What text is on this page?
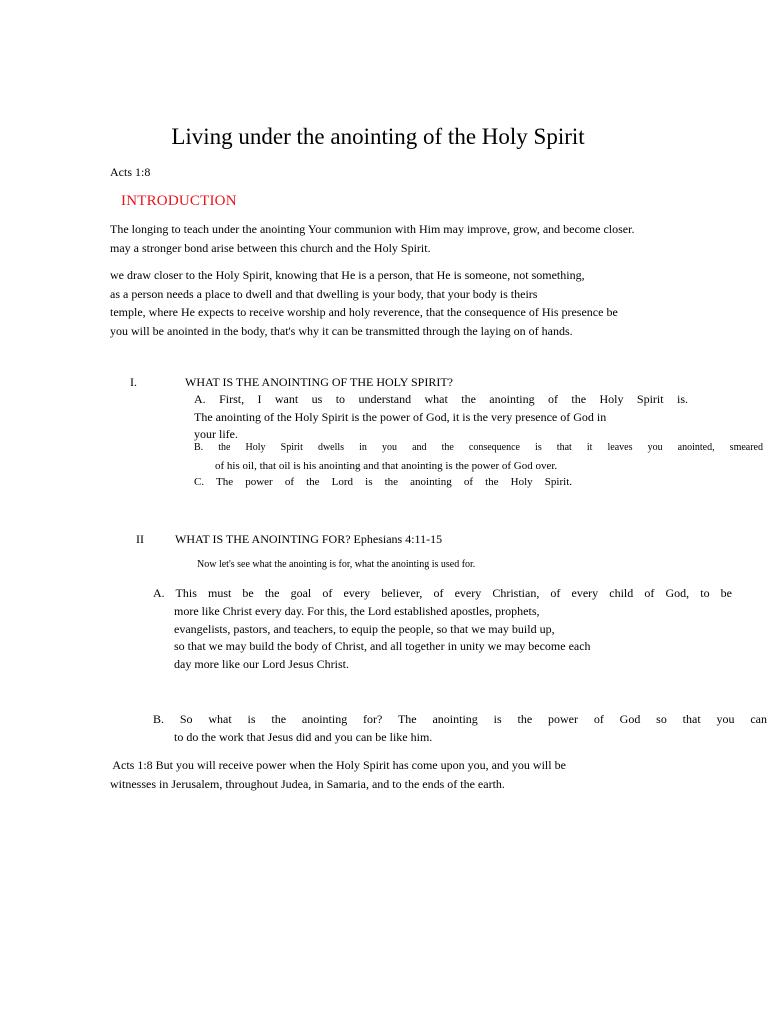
Living under the anointing of the Holy Spirit
Acts 1:8
INTRODUCTION
The longing to teach under the anointing Your communion with Him may improve, grow, and become closer.
may a stronger bond arise between this church and the Holy Spirit.
we draw closer to the Holy Spirit, knowing that He is a person, that He is someone, not something,
as a person needs a place to dwell and that dwelling is your body, that your body is theirs
temple, where He expects to receive worship and holy reverence, that the consequence of His presence be
you will be anointed in the body, that's why it can be transmitted through the laying on of hands.
I.	WHAT IS THE ANOINTING OF THE HOLY SPIRIT?
A. First, I want us to understand what the anointing of the Holy Spirit is.
The anointing of the Holy Spirit is the power of God, it is the very presence of God in
your life.
B. the Holy Spirit dwells in you and the consequence is that it leaves you anointed, smeared
of his oil, that oil is his anointing and that anointing is the power of God over.
C. The power of the Lord is the anointing of the Holy Spirit.
II	WHAT IS THE ANOINTING FOR? Ephesians 4:11-15
Now let's see what the anointing is for, what the anointing is used for.
A. This must be the goal of every believer, of every Christian, of every child of God, to be
more like Christ every day. For this, the Lord established apostles, prophets,
evangelists, pastors, and teachers, to equip the people, so that we may build up,
so that we may build the body of Christ, and all together in unity we may become each
day more like our Lord Jesus Christ.
B. So what is the anointing for? The anointing is the power of God so that you can
to do the work that Jesus did and you can be like him.
Acts 1:8 But you will receive power when the Holy Spirit has come upon you, and you will be
witnesses in Jerusalem, throughout Judea, in Samaria, and to the ends of the earth.
